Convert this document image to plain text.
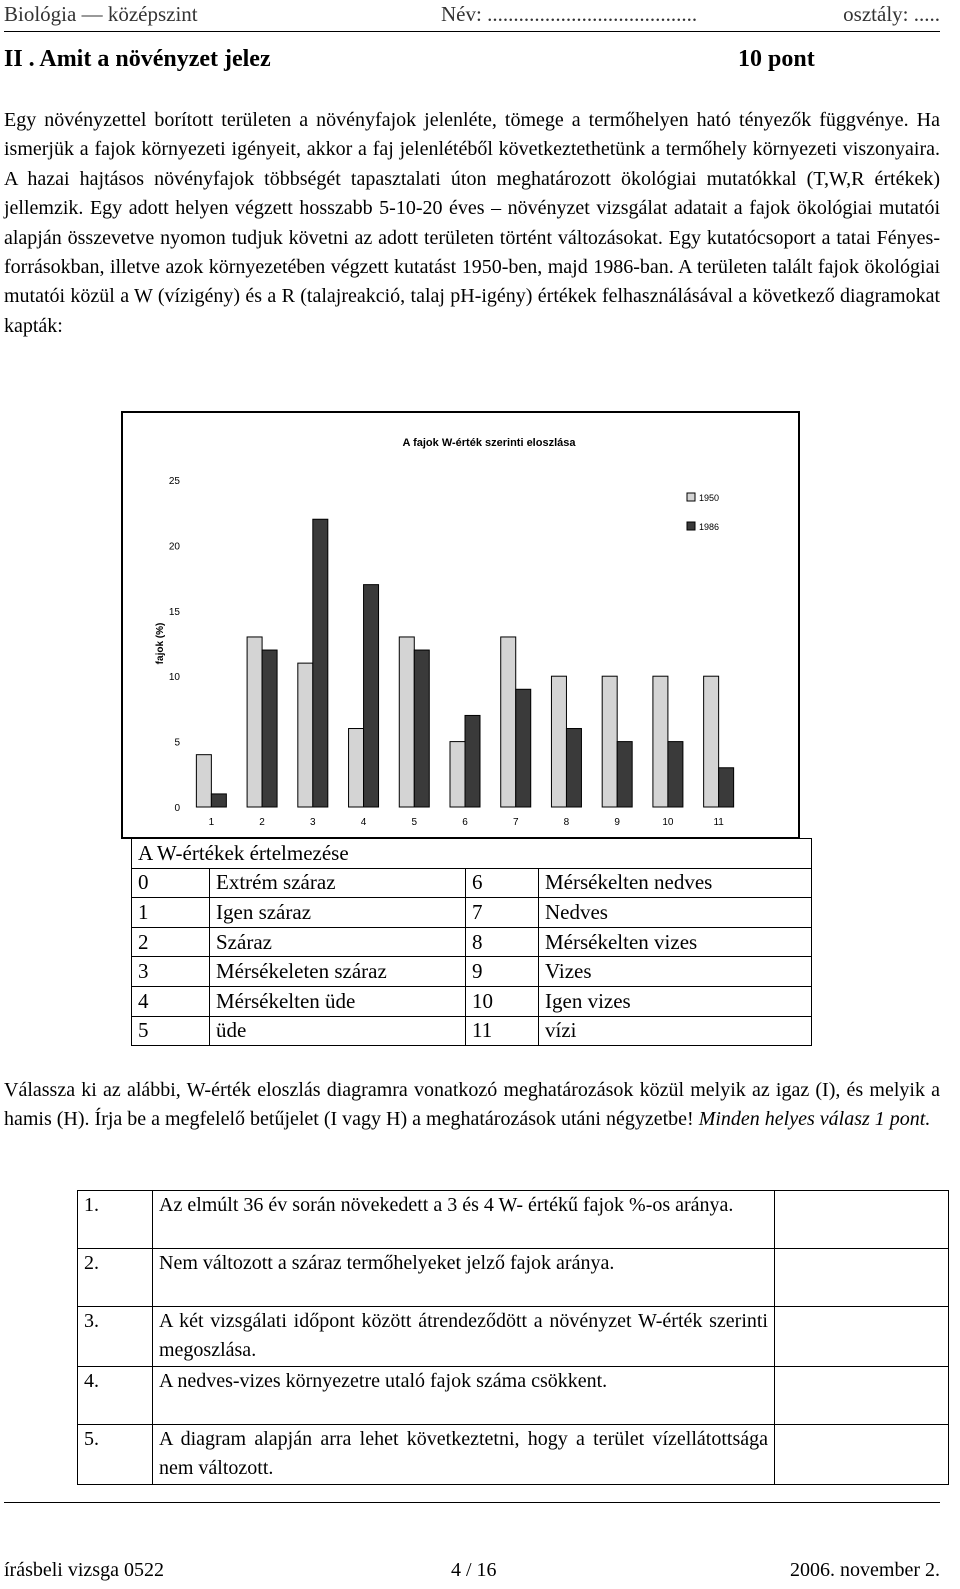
Biológia — középszint	Név: ........................................	osztály: .....
II . Amit a növényzet jelez	10 pont
Egy növényzettel borított területen a növényfajok jelenléte, tömege a termőhelyen ható tényezők függvénye. Ha ismerjük a fajok környezeti igényeit, akkor a faj jelenlétéből következtethetünk a termőhely környezeti viszonyaira. A hazai hajtásos növényfajok többségét tapasztalati úton meghatározott ökológiai mutatókkal (T,W,R értékek) jellemzik. Egy adott helyen végzett hosszabb 5-10-20 éves – növényzet vizsgálat adatait a fajok ökológiai mutatói alapján összevetve nyomon tudjuk követni az adott területen történt változásokat. Egy kutatócsoport a tatai Fényes-forrásokban, illetve azok környezetében végzett kutatást 1950-ben, majd 1986-ban. A területen talált fajok ökológiai mutatói közül a W (vízigény) és a R (talajreakció, talaj pH-igény) értékek felhasználásával a következő diagramokat kapták:
A fajok W-érték szerinti eloszlása
fajok (%)
0
5
10
15
20
25
1	2	3	4	5	6	7	8	9	10	11
1950
1986
A W-értékek értelmezése			
0	Extrém száraz	6	Mérsékelten nedves
1	Igen száraz	7	Nedves
2	Száraz	8	Mérsékelten vizes
3	Mérsékeleten száraz	9	Vizes
4	Mérsékelten üde	10	Igen vizes
5	üde	11	vízi
Válassza ki az alábbi, W-érték eloszlás diagramra vonatkozó meghatározások közül melyik az igaz (I), és melyik a hamis (H). Írja be a megfelelő betűjelet (I vagy H) a meghatározások utáni négyzetbe! Minden helyes válasz 1 pont.
1.	Az elmúlt 36 év során növekedett a 3 és 4 W- értékű fajok %-os aránya.	
2.	Nem változott a száraz termőhelyeket jelző fajok aránya.	
3.	A két vizsgálati időpont között átrendeződött a növényzet W-érték szerinti megoszlása.	
4.	A nedves-vizes környezetre utaló fajok száma csökkent.	
5.	A diagram alapján arra lehet következtetni, hogy a terület vízellátottsága nem változott.	
írásbeli vizsga 0522	4 / 16	2006. november 2.
